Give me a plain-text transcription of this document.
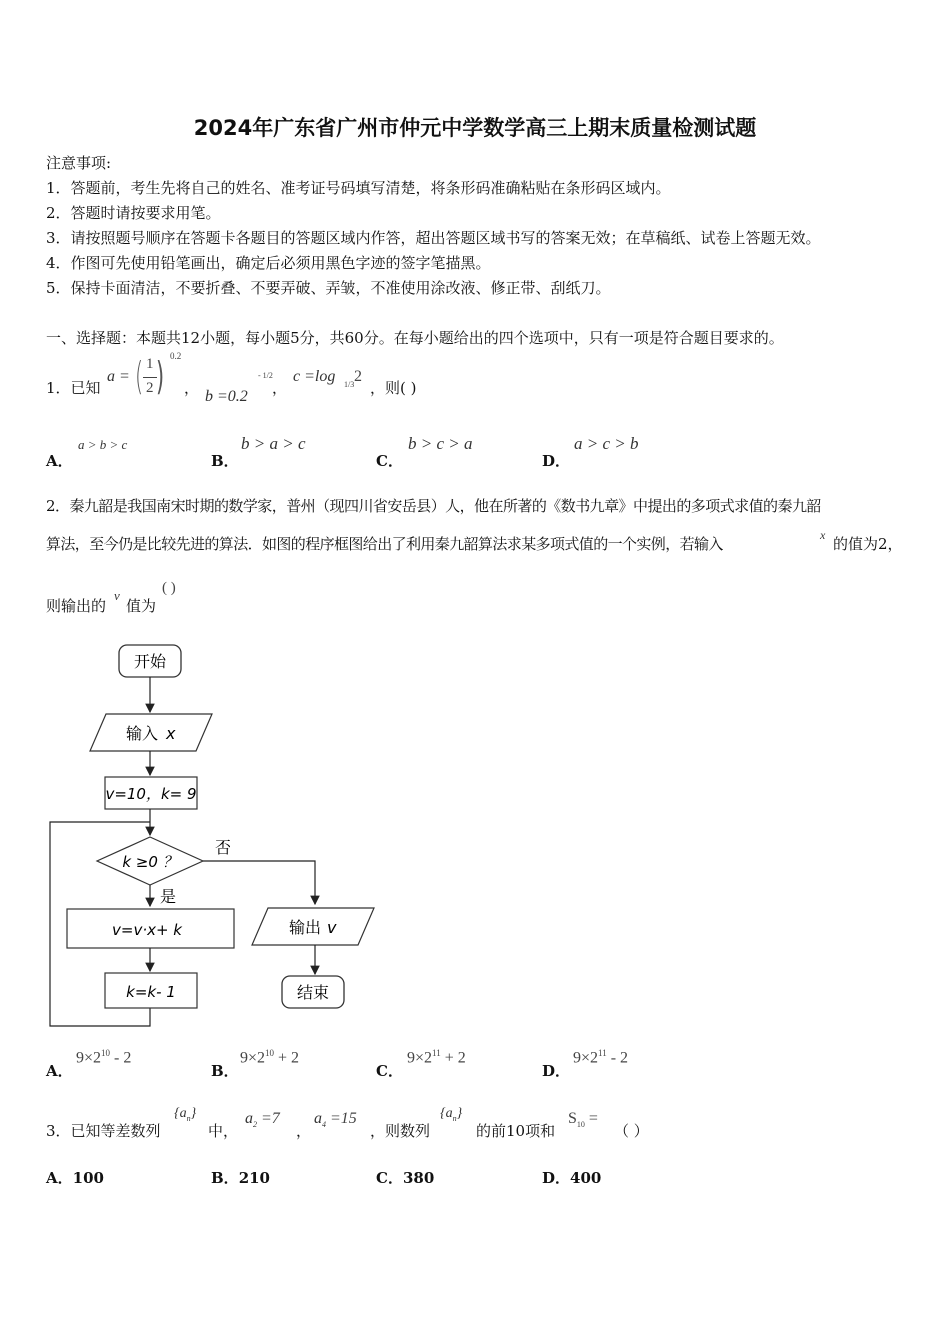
2024年广东省广州市仲元中学数学高三上期末质量检测试题
注意事项:
1．答题前，考生先将自己的姓名、准考证号码填写清楚，将条形码准确粘贴在条形码区域内。
2．答题时请按要求用笔。
3．请按照题号顺序在答题卡各题目的答题区域内作答，超出答题区域书写的答案无效；在草稿纸、试卷上答题无效。
4．作图可先使用铅笔画出，确定后必须用黑色字迹的签字笔描黑。
5．保持卡面清洁，不要折叠、不要弄破、弄皱，不准使用涂改液、修正带、刮纸刀。
一、选择题：本题共12小题，每小题5分，共60分。在每小题给出的四个选项中，只有一项是符合题目要求的。
1．已知
a = ( 1
2 ) 0.2
， b =0.2
- 1/2
，
c =log 1/3 2
，则( )
A．
a > b > c
B．
b > a > c
C．
b > c > a
D．
a > c > b
2．秦九韶是我国南宋时期的数学家，普州（现四川省安岳县）人，他在所著的《数书九章》中提出的多项式求值的秦九韶
算法，至今仍是比较先进的算法．如图的程序框图给出了利用秦九韶算法求某多项式值的一个实例，若输入	x 的值为2，
则输出的
v
值为
( )
开始
输入 x
v=10，k= 9
k ≥0 ？
否
是
v=v·x+ k
k=k- 1
输出 v
结束
A．
$9\times 2^{10} - 2$
B．
$9\times 2^{10} + 2$
C．
$9\times 2^{11} + 2$
D．
$9\times 2^{11} - 2$
3．已知等差数列
$\{a_n\}$
中，
$a_2 =7$
，
$a_4 =15$
，则数列
$\{a_n\}$
的前10项和
$S_{10}$ =
（ ）
A．100	B．210	C．380	D．400
